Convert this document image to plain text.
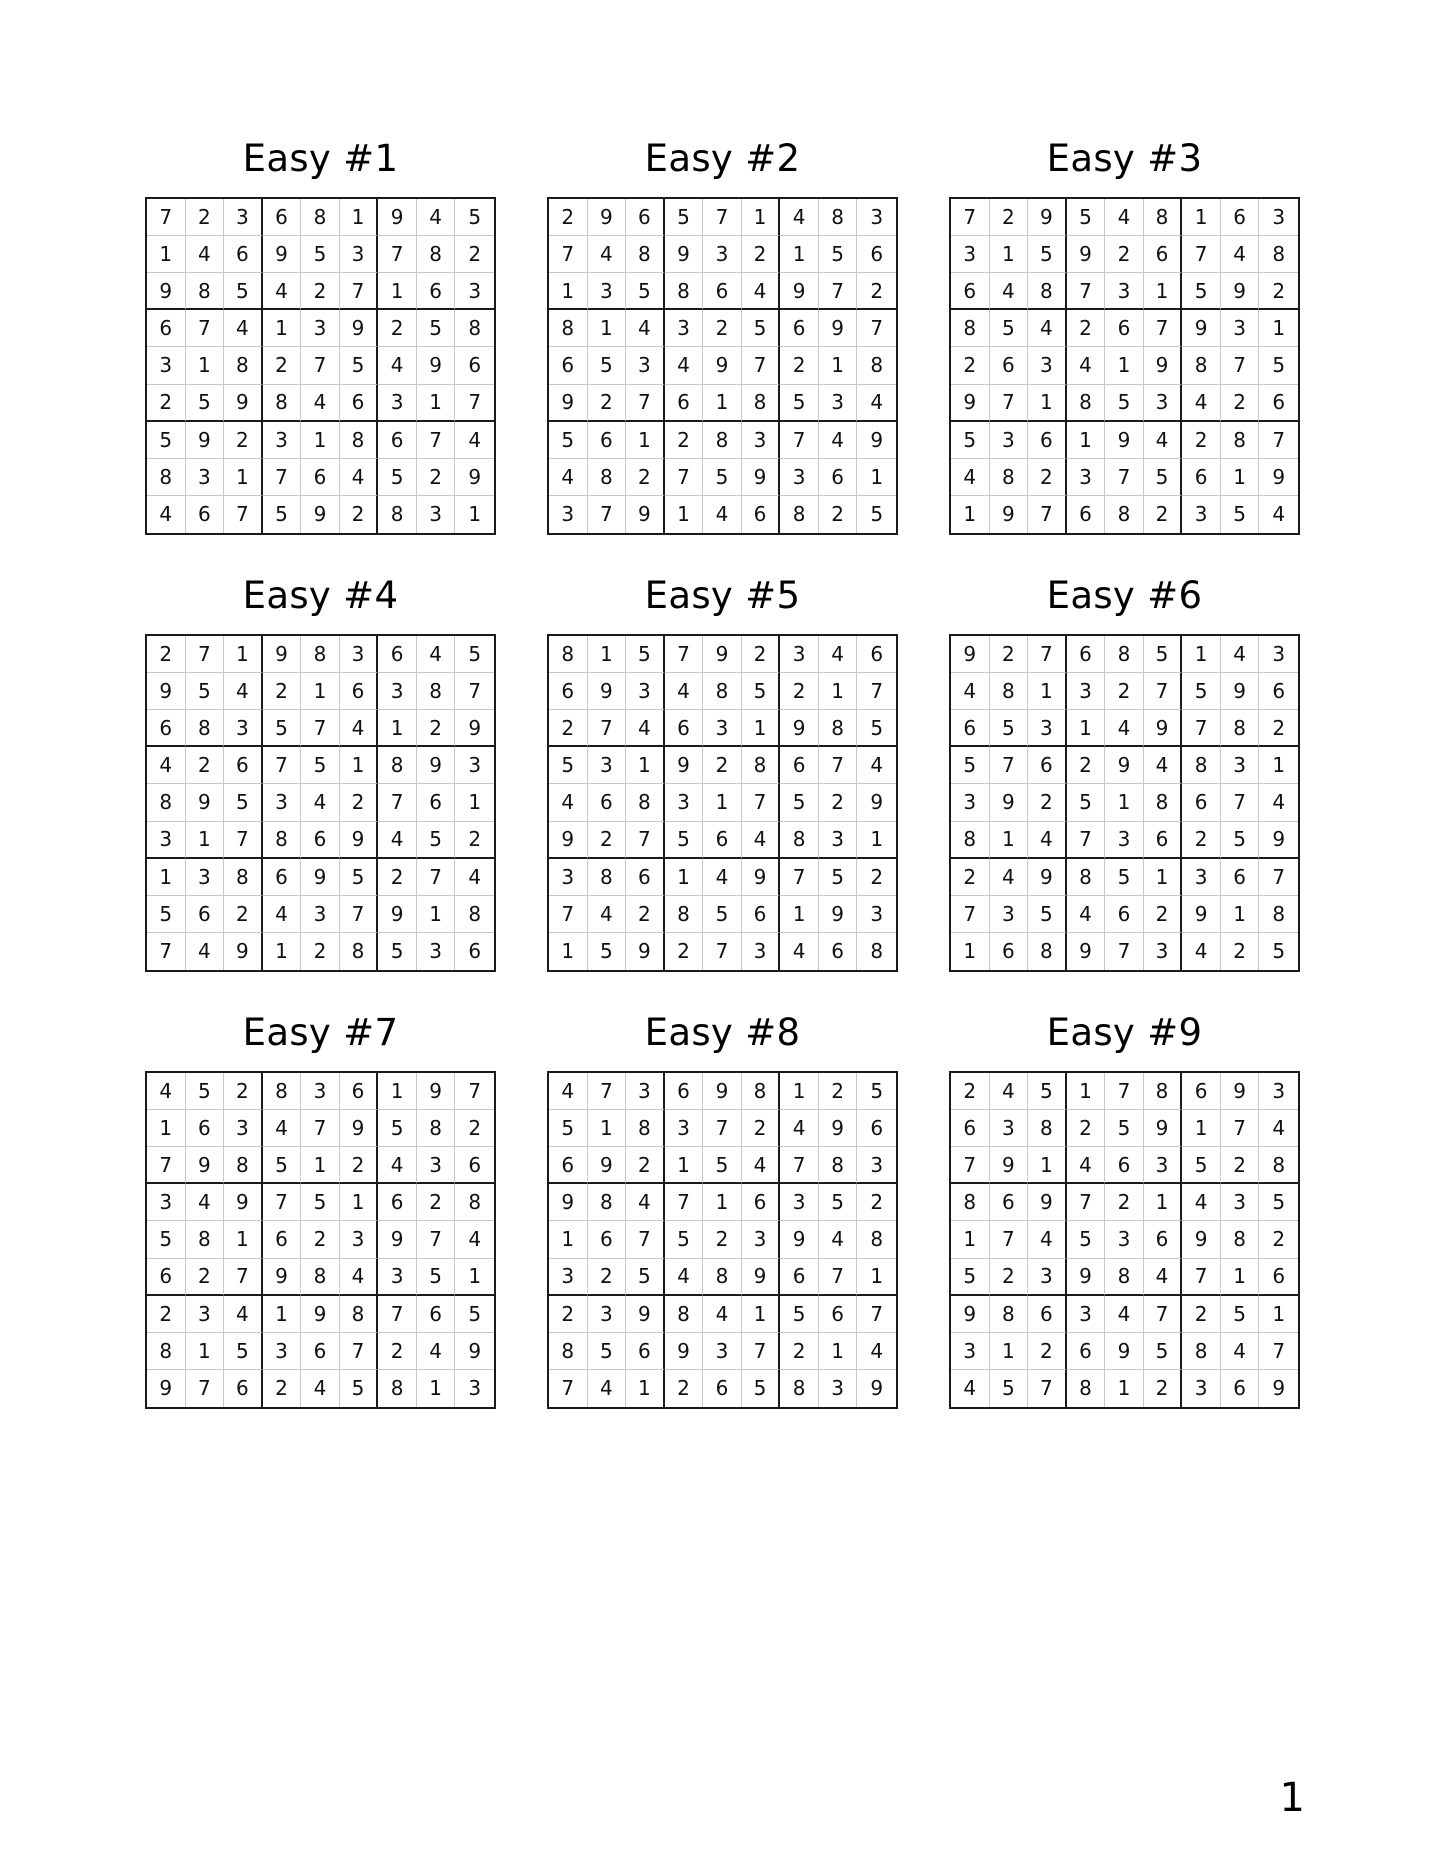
Easy #1
7	2	3	6	8	1	9	4	5
1	4	6	9	5	3	7	8	2
9	8	5	4	2	7	1	6	3
6	7	4	1	3	9	2	5	8
3	1	8	2	7	5	4	9	6
2	5	9	8	4	6	3	1	7
5	9	2	3	1	8	6	7	4
8	3	1	7	6	4	5	2	9
4	6	7	5	9	2	8	3	1
Easy #2
2	9	6	5	7	1	4	8	3
7	4	8	9	3	2	1	5	6
1	3	5	8	6	4	9	7	2
8	1	4	3	2	5	6	9	7
6	5	3	4	9	7	2	1	8
9	2	7	6	1	8	5	3	4
5	6	1	2	8	3	7	4	9
4	8	2	7	5	9	3	6	1
3	7	9	1	4	6	8	2	5
Easy #3
7	2	9	5	4	8	1	6	3
3	1	5	9	2	6	7	4	8
6	4	8	7	3	1	5	9	2
8	5	4	2	6	7	9	3	1
2	6	3	4	1	9	8	7	5
9	7	1	8	5	3	4	2	6
5	3	6	1	9	4	2	8	7
4	8	2	3	7	5	6	1	9
1	9	7	6	8	2	3	5	4
Easy #4
2	7	1	9	8	3	6	4	5
9	5	4	2	1	6	3	8	7
6	8	3	5	7	4	1	2	9
4	2	6	7	5	1	8	9	3
8	9	5	3	4	2	7	6	1
3	1	7	8	6	9	4	5	2
1	3	8	6	9	5	2	7	4
5	6	2	4	3	7	9	1	8
7	4	9	1	2	8	5	3	6
Easy #5
8	1	5	7	9	2	3	4	6
6	9	3	4	8	5	2	1	7
2	7	4	6	3	1	9	8	5
5	3	1	9	2	8	6	7	4
4	6	8	3	1	7	5	2	9
9	2	7	5	6	4	8	3	1
3	8	6	1	4	9	7	5	2
7	4	2	8	5	6	1	9	3
1	5	9	2	7	3	4	6	8
Easy #6
9	2	7	6	8	5	1	4	3
4	8	1	3	2	7	5	9	6
6	5	3	1	4	9	7	8	2
5	7	6	2	9	4	8	3	1
3	9	2	5	1	8	6	7	4
8	1	4	7	3	6	2	5	9
2	4	9	8	5	1	3	6	7
7	3	5	4	6	2	9	1	8
1	6	8	9	7	3	4	2	5
Easy #7
4	5	2	8	3	6	1	9	7
1	6	3	4	7	9	5	8	2
7	9	8	5	1	2	4	3	6
3	4	9	7	5	1	6	2	8
5	8	1	6	2	3	9	7	4
6	2	7	9	8	4	3	5	1
2	3	4	1	9	8	7	6	5
8	1	5	3	6	7	2	4	9
9	7	6	2	4	5	8	1	3
Easy #8
4	7	3	6	9	8	1	2	5
5	1	8	3	7	2	4	9	6
6	9	2	1	5	4	7	8	3
9	8	4	7	1	6	3	5	2
1	6	7	5	2	3	9	4	8
3	2	5	4	8	9	6	7	1
2	3	9	8	4	1	5	6	7
8	5	6	9	3	7	2	1	4
7	4	1	2	6	5	8	3	9
Easy #9
2	4	5	1	7	8	6	9	3
6	3	8	2	5	9	1	7	4
7	9	1	4	6	3	5	2	8
8	6	9	7	2	1	4	3	5
1	7	4	5	3	6	9	8	2
5	2	3	9	8	4	7	1	6
9	8	6	3	4	7	2	5	1
3	1	2	6	9	5	8	4	7
4	5	7	8	1	2	3	6	9
1
